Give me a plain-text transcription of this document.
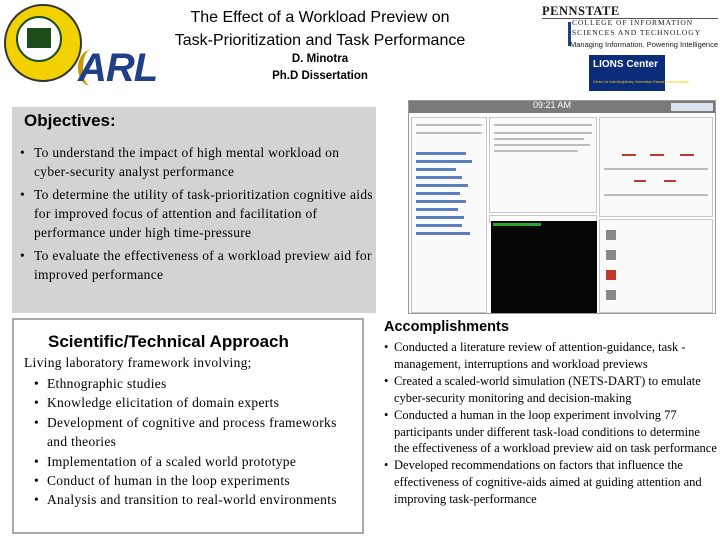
The Effect of a Workload Preview on
Task-Prioritization and Task Performance
D. Minotra
Ph.D Dissertation
ARL
PENNSTATE
COLLEGE OF INFORMATION SCIENCES AND TECHNOLOGY
Managing Information. Powering Intelligence
LIONS Center
Center for Interdisciplinary Information Research and Analysis
Objectives:
• To understand the impact of high mental workload on cyber-security analyst performance
• To determine the utility of task-prioritization cognitive aids for improved focus of attention and facilitation of performance under high time-pressure
• To evaluate the effectiveness of a workload preview aid for improved performance
09:21 AM
Scientific/Technical Approach
Living laboratory framework involving;
• Ethnographic studies
• Knowledge elicitation of domain experts
• Development of cognitive and process frameworks and theories
• Implementation of a scaled world prototype
• Conduct of human in the loop experiments
• Analysis and transition to real-world environments
Accomplishments
• Conducted a literature review of attention-guidance, task -management, interruptions and workload previews
• Created a scaled-world simulation (NETS-DART) to emulate cyber-security monitoring and decision-making
• Conducted a human in the loop experiment involving 77 participants under different task-load conditions to determine the effectiveness of a workload preview aid on task performance
• Developed recommendations on factors that influence the effectiveness of cognitive-aids aimed at guiding attention and improving task-performance
